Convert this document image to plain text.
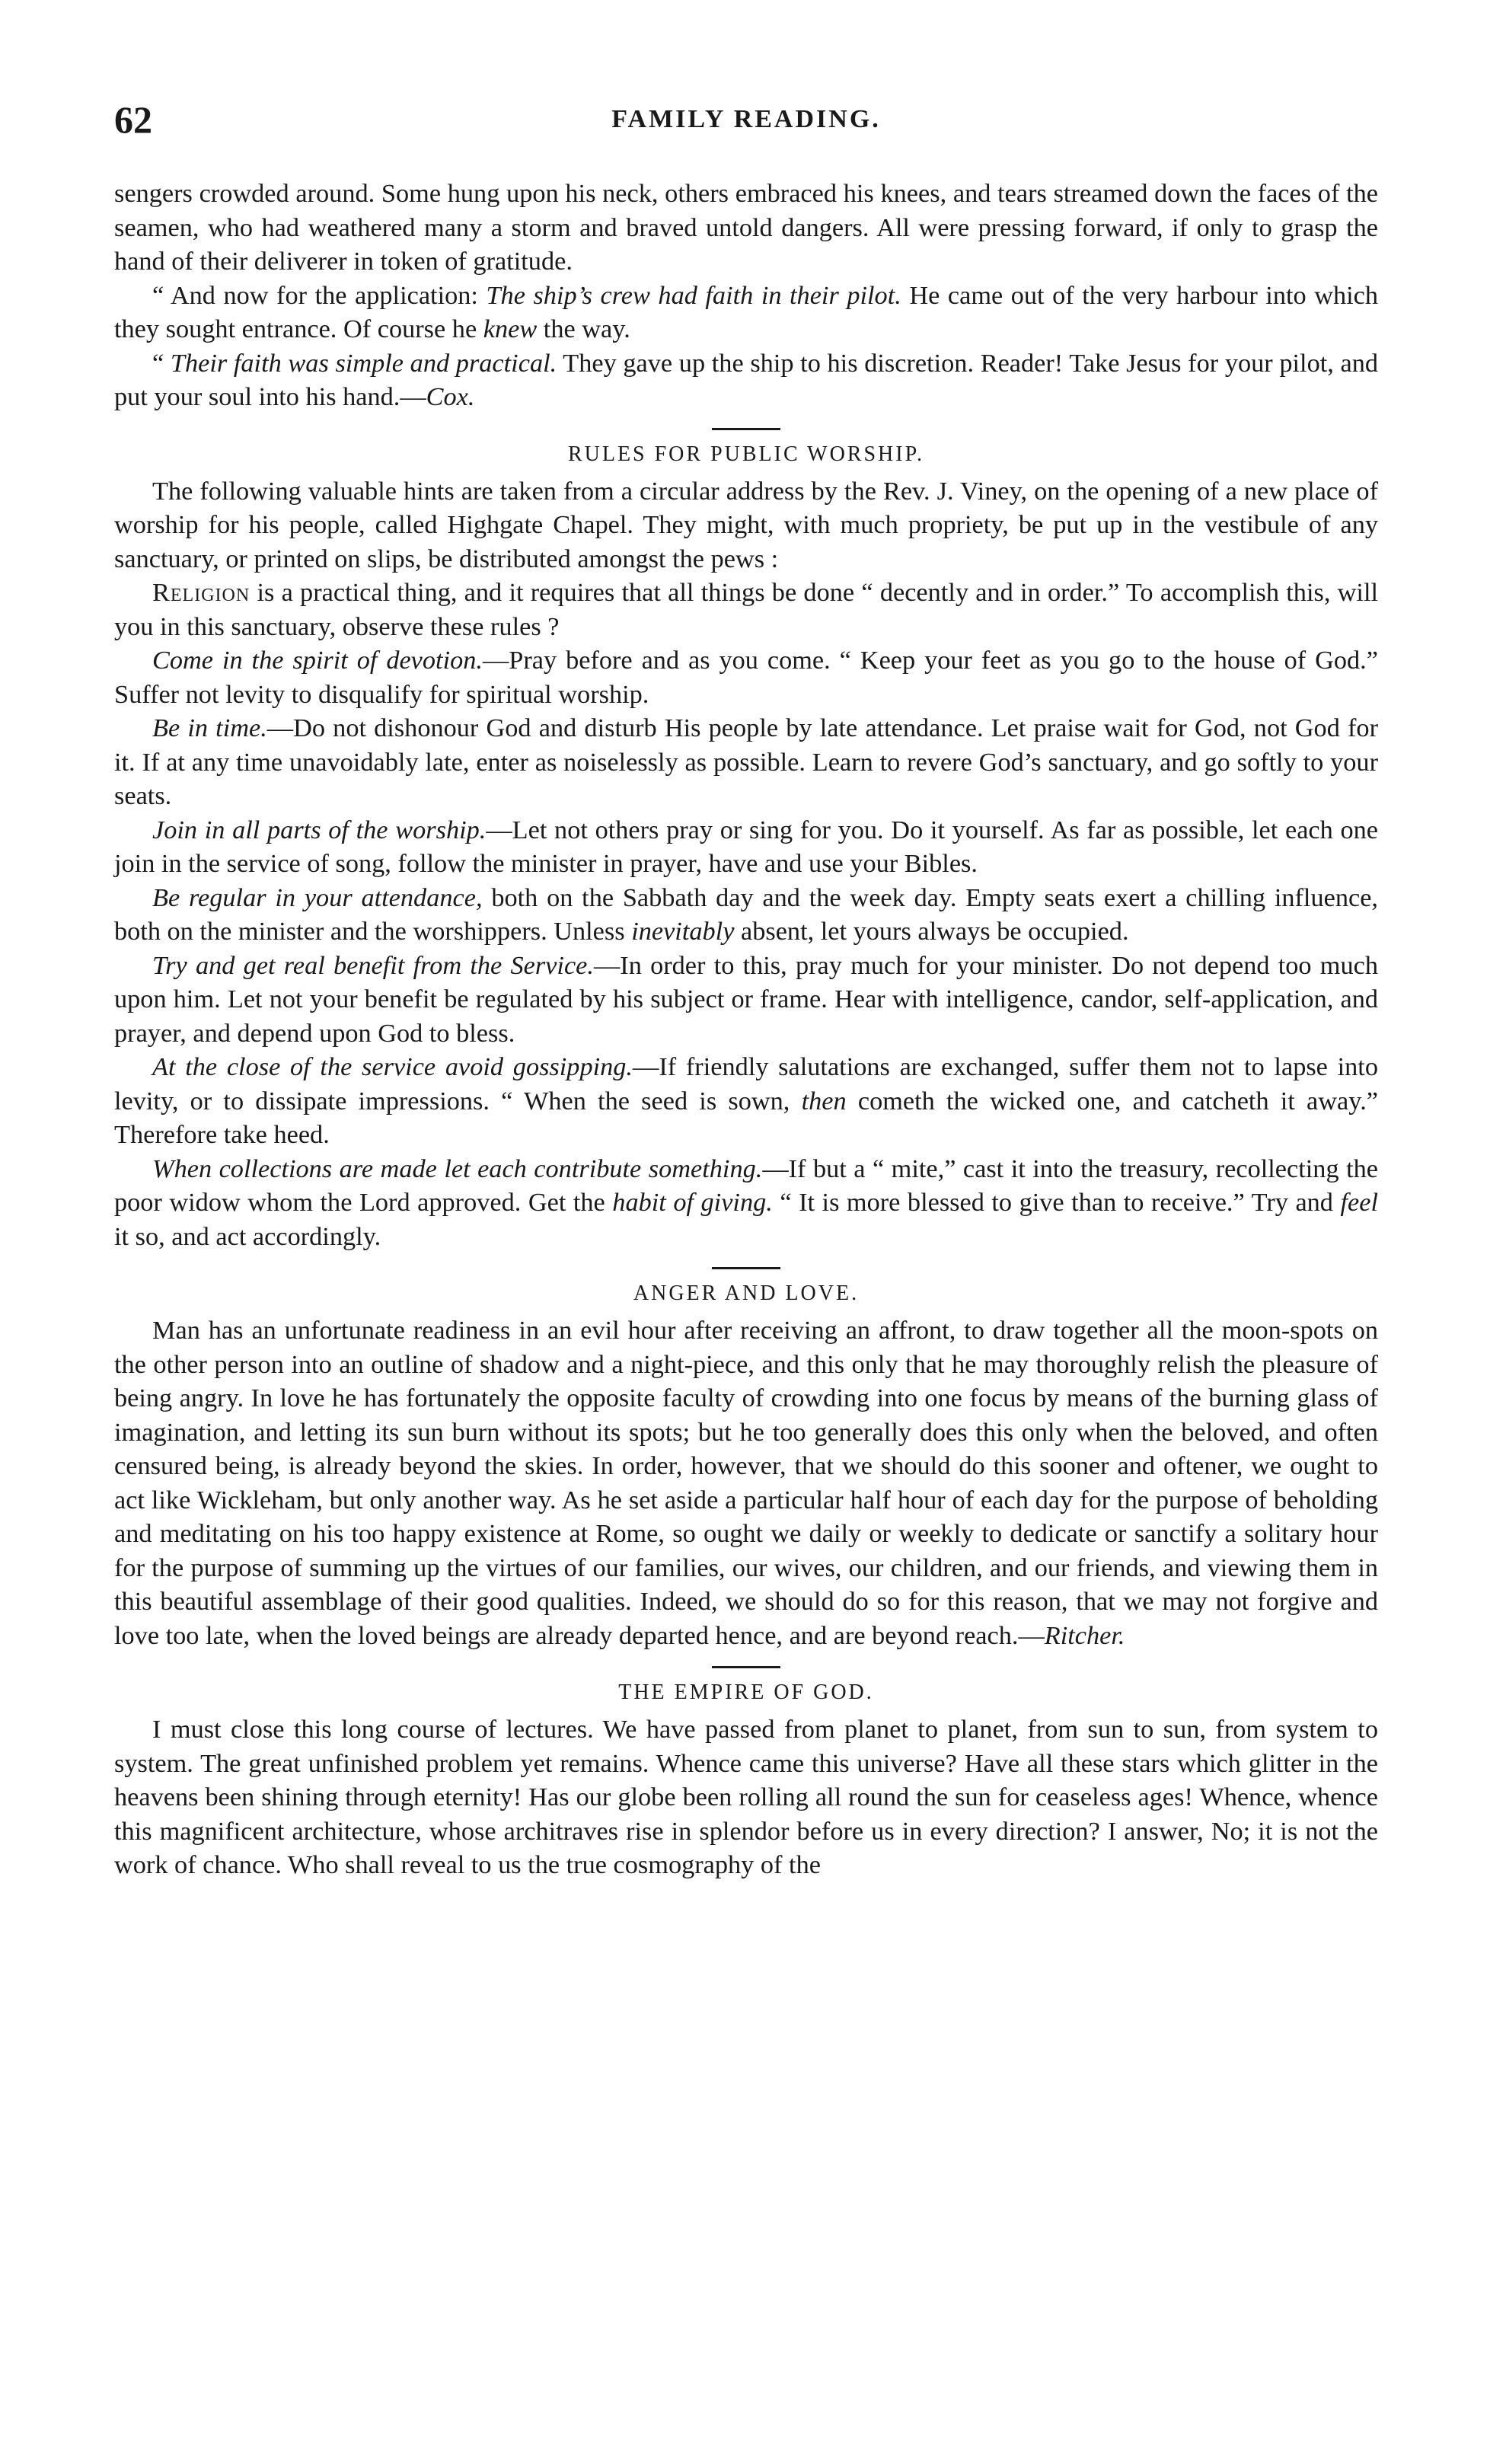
62	FAMILY READING.

sengers crowded around. Some hung upon his neck, others embraced his knees, and tears streamed down the faces of the seamen, who had weathered many a storm and braved untold dangers. All were pressing forward, if only to grasp the hand of their deliverer in token of gratitude.

“ And now for the application: The ship’s crew had faith in their pilot. He came out of the very harbour into which they sought entrance. Of course he knew the way.

“ Their faith was simple and practical. They gave up the ship to his discretion. Reader! Take Jesus for your pilot, and put your soul into his hand.—Cox.

RULES FOR PUBLIC WORSHIP.

The following valuable hints are taken from a circular address by the Rev. J. Viney, on the opening of a new place of worship for his people, called Highgate Chapel. They might, with much propriety, be put up in the vestibule of any sanctuary, or printed on slips, be distributed amongst the pews :

Religion is a practical thing, and it requires that all things be done “ decently and in order.” To accomplish this, will you in this sanctuary, observe these rules ?

Come in the spirit of devotion.—Pray before and as you come. “ Keep your feet as you go to the house of God.” Suffer not levity to disqualify for spiritual worship.

Be in time.—Do not dishonour God and disturb His people by late attendance. Let praise wait for God, not God for it. If at any time unavoidably late, enter as noiselessly as possible. Learn to revere God’s sanctuary, and go softly to your seats.

Join in all parts of the worship.—Let not others pray or sing for you. Do it yourself. As far as possible, let each one join in the service of song, follow the minister in prayer, have and use your Bibles.

Be regular in your attendance, both on the Sabbath day and the week day. Empty seats exert a chilling influence, both on the minister and the worshippers. Unless inevitably absent, let yours always be occupied.

Try and get real benefit from the Service.—In order to this, pray much for your minister. Do not depend too much upon him. Let not your benefit be regulated by his subject or frame. Hear with intelligence, candor, self-application, and prayer, and depend upon God to bless.

At the close of the service avoid gossipping.—If friendly salutations are exchanged, suffer them not to lapse into levity, or to dissipate impressions. “ When the seed is sown, then cometh the wicked one, and catcheth it away.” Therefore take heed.

When collections are made let each contribute something.—If but a “ mite,” cast it into the treasury, recollecting the poor widow whom the Lord approved. Get the habit of giving. “ It is more blessed to give than to receive.” Try and feel it so, and act accordingly.

ANGER AND LOVE.

Man has an unfortunate readiness in an evil hour after receiving an affront, to draw together all the moon-spots on the other person into an outline of shadow and a night-piece, and this only that he may thoroughly relish the pleasure of being angry. In love he has fortunately the opposite faculty of crowding into one focus by means of the burning glass of imagination, and letting its sun burn without its spots; but he too generally does this only when the beloved, and often censured being, is already beyond the skies. In order, however, that we should do this sooner and oftener, we ought to act like Wickleham, but only another way. As he set aside a particular half hour of each day for the purpose of beholding and meditating on his too happy existence at Rome, so ought we daily or weekly to dedicate or sanctify a solitary hour for the purpose of summing up the virtues of our families, our wives, our children, and our friends, and viewing them in this beautiful assemblage of their good qualities. Indeed, we should do so for this reason, that we may not forgive and love too late, when the loved beings are already departed hence, and are beyond reach.—Ritcher.

THE EMPIRE OF GOD.

I must close this long course of lectures. We have passed from planet to planet, from sun to sun, from system to system. The great unfinished problem yet remains. Whence came this universe? Have all these stars which glitter in the heavens been shining through eternity! Has our globe been rolling all round the sun for ceaseless ages! Whence, whence this magnificent architecture, whose architraves rise in splendor before us in every direction? I answer, No; it is not the work of chance. Who shall reveal to us the true cosmography of the
